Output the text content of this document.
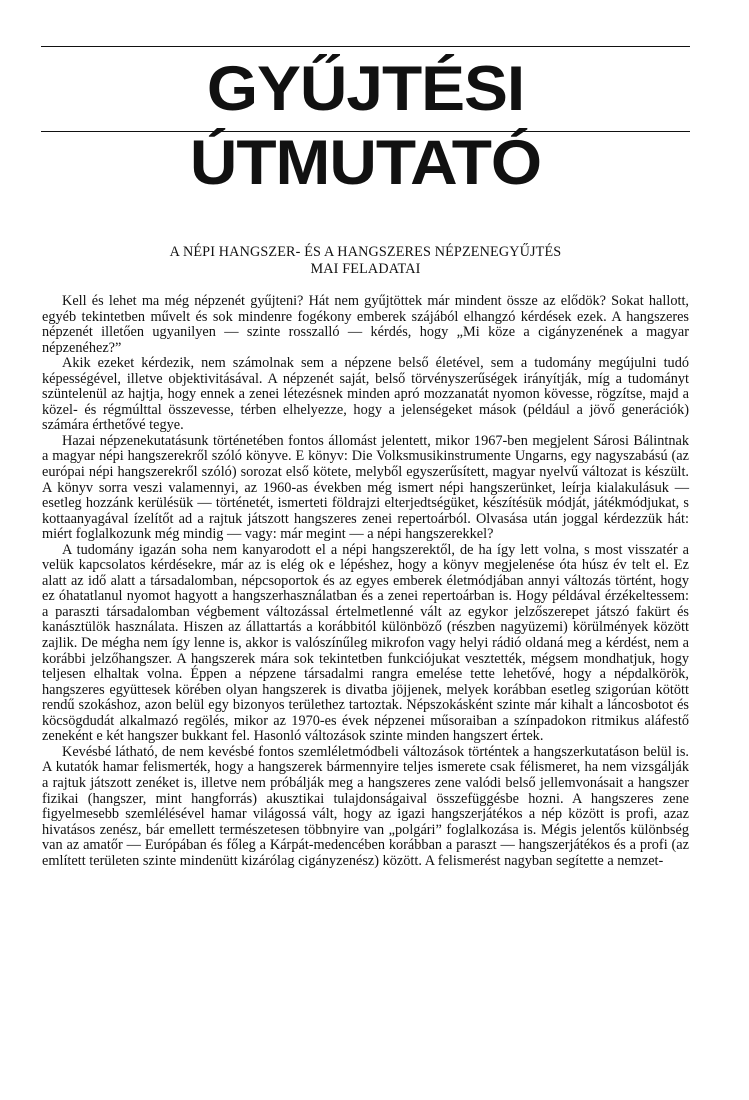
GYŰJTÉSI ÚTMUTATÓ
A NÉPI HANGSZER- ÉS A HANGSZERES NÉPZENEGYŰJTÉS
MAI FELADATAI

Kell és lehet ma még népzenét gyűjteni? Hát nem gyűjtöttek már mindent össze az elődök? Sokat hallott, egyéb tekintetben művelt és sok mindenre fogékony emberek szájából elhangzó kérdések ezek. A hangszeres népzenét illetően ugyanilyen — szinte rosszalló — kérdés, hogy „Mi köze a cigányzenének a magyar népzenéhez?”

Akik ezeket kérdezik, nem számolnak sem a népzene belső életével, sem a tudomány megújulni tudó képességével, illetve objektivitásával. A népzenét saját, belső törvényszerűségek irányítják, míg a tudományt szüntelenül az hajtja, hogy ennek a zenei létezésnek minden apró mozzanatát nyomon kövesse, rögzítse, majd a közel- és régmúlttal összevesse, térben elhelyezze, hogy a jelenségeket mások (például a jövő generációk) számára érthetővé tegye.

Hazai népzenekutatásunk történetében fontos állomást jelentett, mikor 1967-ben megjelent Sárosi Bálintnak a magyar népi hangszerekről szóló könyve. E könyv: Die Volksmusikinstrumente Ungarns, egy nagyszabású (az európai népi hangszerekről szóló) sorozat első kötete, melyből egyszerűsített, magyar nyelvű változat is készült. A könyv sorra veszi valamennyi, az 1960-as években még ismert népi hangszerünket, leírja kialakulásuk — esetleg hozzánk kerülésük — történetét, ismerteti földrajzi elterjedtségüket, készítésük módját, játékmódjukat, s kottaanyagával ízelítőt ad a rajtuk játszott hangszeres zenei repertoárból. Olvasása után joggal kérdezzük hát: miért foglalkozunk még mindig — vagy: már megint — a népi hangszerekkel?

A tudomány igazán soha nem kanyarodott el a népi hangszerektől, de ha így lett volna, s most visszatér a velük kapcsolatos kérdésekre, már az is elég ok e lépéshez, hogy a könyv megjelenése óta húsz év telt el. Ez alatt az idő alatt a társadalomban, népcsoportok és az egyes emberek életmódjában annyi változás történt, hogy ez óhatatlanul nyomot hagyott a hangszerhasználatban és a zenei repertoárban is. Hogy példával érzékeltessem: a paraszti társadalomban végbement változással értelmetlenné vált az egykor jelzőszerepet játszó fakürt és kanásztülök használata. Hiszen az állattartás a korábbitól különböző (részben nagyüzemi) körülmények között zajlik. De mégha nem így lenne is, akkor is valószínűleg mikrofon vagy helyi rádió oldaná meg a kérdést, nem a korábbi jelzőhangszer. A hangszerek mára sok tekintetben funkciójukat vesztették, mégsem mondhatjuk, hogy teljesen elhaltak volna. Éppen a népzene társadalmi rangra emelése tette lehetővé, hogy a népdalkörök, hangszeres együttesek körében olyan hangszerek is divatba jöjjenek, melyek korábban esetleg szigorúan kötött rendű szokáshoz, azon belül egy bizonyos területhez tartoztak. Népszokásként szinte már kihalt a láncosbotot és köcsögdudát alkalmazó regölés, mikor az 1970-es évek népzenei műsoraiban a színpadokon ritmikus aláfestő zeneként e két hangszer bukkant fel. Hasonló változások szinte minden hangszert értek.

Kevésbé látható, de nem kevésbé fontos szemléletmódbeli változások történtek a hangszerkutatáson belül is. A kutatók hamar felismerték, hogy a hangszerek bármennyire teljes ismerete csak félismeret, ha nem vizsgálják a rajtuk játszott zenéket is, illetve nem próbálják meg a hangszeres zene valódi belső jellemvonásait a hangszer fizikai (hangszer, mint hangforrás) akusztikai tulajdonságaival összefüggésbe hozni. A hangszeres zene figyelmesebb szemlélésével hamar világossá vált, hogy az igazi hangszerjátékos a nép között is profi, azaz hivatásos zenész, bár emellett természetesen többnyire van „polgári” foglalkozása is. Mégis jelentős különbség van az amatőr — Európában és főleg a Kárpát-medencében korábban a paraszt — hangszerjátékos és a profi (az említett területen szinte mindenütt kizárólag cigányzenész) között. A felismerést nagyban segítette a nemzet-
